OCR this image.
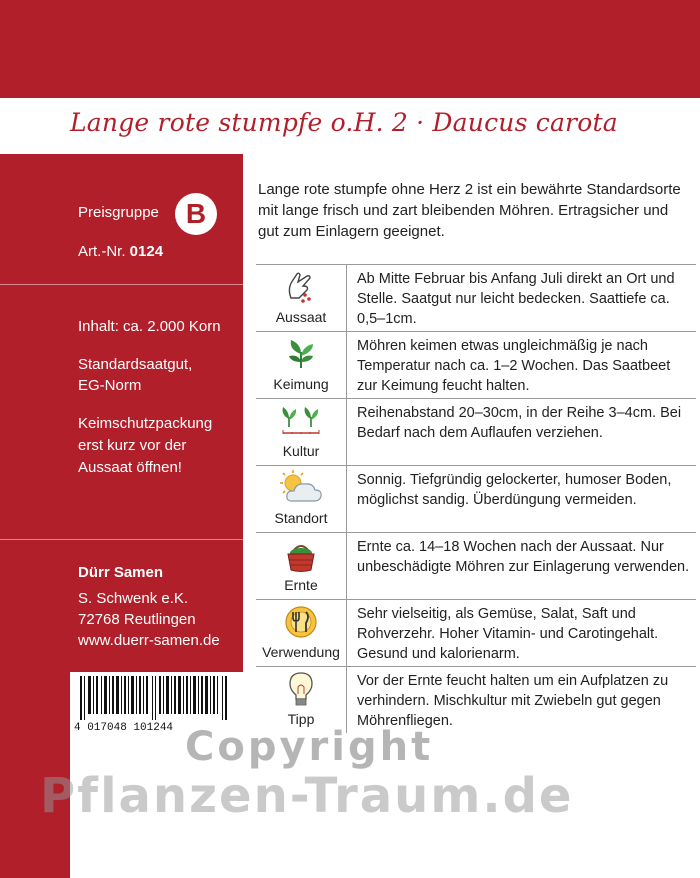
Lange rote stumpfe o.H. 2 · Daucus carota
Preisgruppe B
Art.-Nr. 0124
Inhalt: ca. 2.000 Korn
Standardsaatgut,
EG-Norm
Keimschutzpackung
erst kurz vor der
Aussaat öffnen!
Dürr Samen
S. Schwenk e.K.
72768 Reutlingen
www.duerr-samen.de
Lange rote stumpfe ohne Herz 2 ist ein bewährte Standardsorte mit lange frisch und zart bleibenden Möhren. Ertragsicher und gut zum Einlagern geeignet.
Aussaat	Ab Mitte Februar bis Anfang Juli direkt an Ort und Stelle. Saatgut nur leicht bedecken. Saattiefe ca. 0,5–1cm.

Keimung	Möhren keimen etwas ungleichmäßig je nach Temperatur nach ca. 1–2 Wochen. Das Saatbeet zur Keimung feucht halten.

Kultur	Reihenabstand 20–30cm, in der Reihe 3–4cm. Bei Bedarf nach dem Auflaufen verziehen.

Standort	Sonnig. Tiefgründig gelockerter, humoser Boden, möglichst sandig. Überdüngung vermeiden.

Ernte	Ernte ca. 14–18 Wochen nach der Aussaat. Nur unbeschädigte Möhren zur Einlagerung verwenden.

Verwendung	Sehr vielseitig, als Gemüse, Salat, Saft und Rohverzehr. Hoher Vitamin- und Carotingehalt. Gesund und kalorienarm.

Tipp	Vor der Ernte feucht halten um ein Aufplatzen zu verhindern. Mischkultur mit Zwiebeln gut gegen Möhrenfliegen.
4 017048 101244 Copyright
Pflanzen-Traum.de
